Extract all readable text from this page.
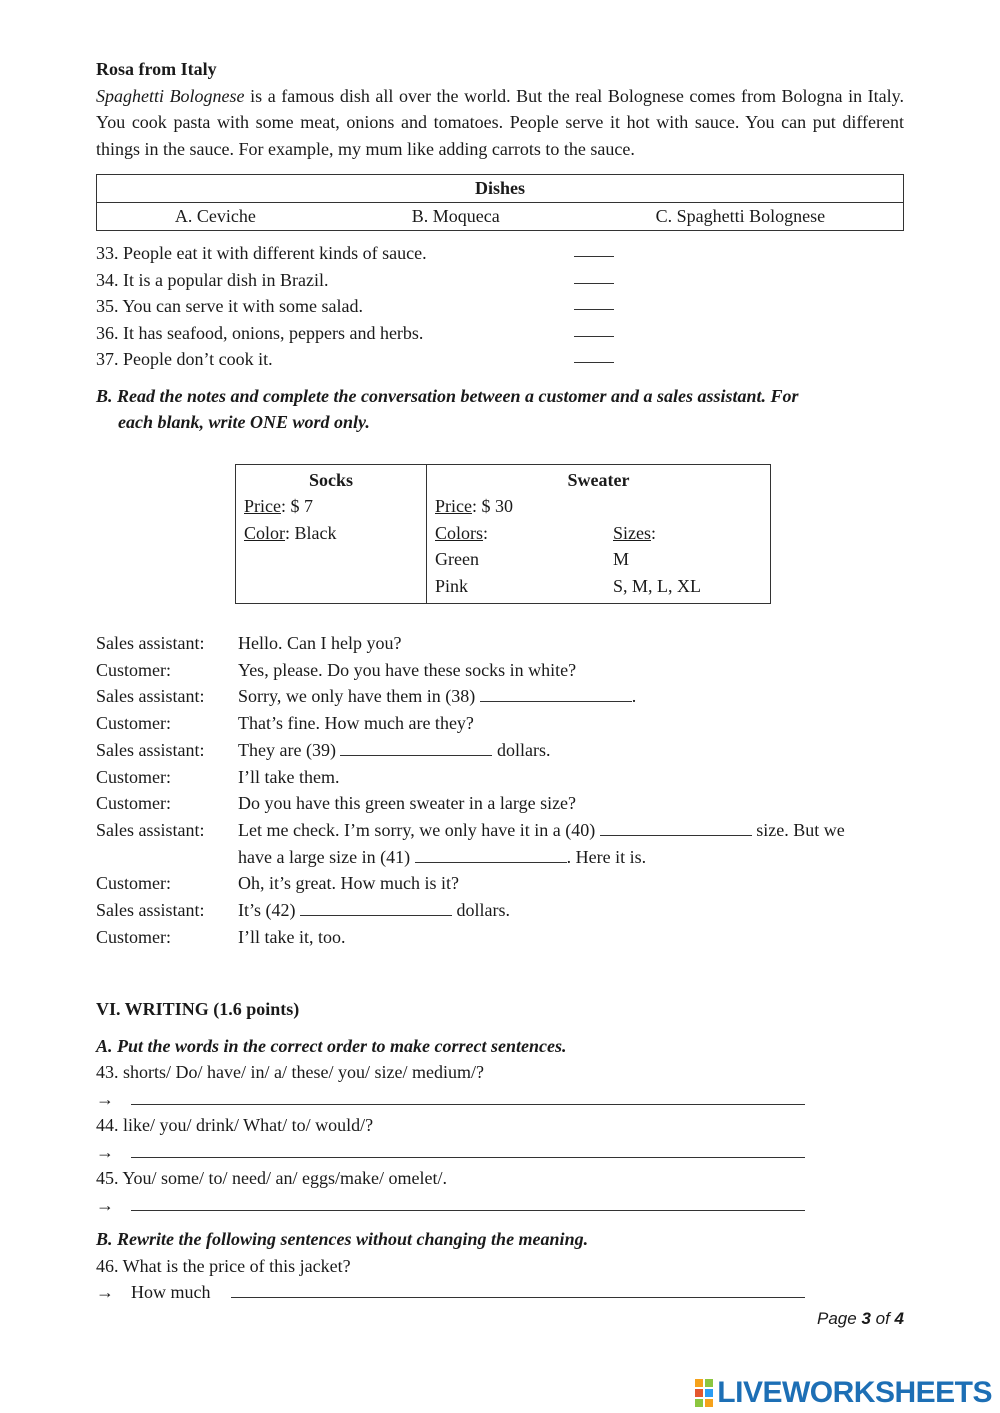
Rosa from Italy

Spaghetti Bolognese is a famous dish all over the world. But the real Bolognese comes from Bologna in Italy. You cook pasta with some meat, onions and tomatoes. People serve it hot with sauce. You can put different things in the sauce. For example, my mum like adding carrots to the sauce.

Dishes

A. Ceviche	B. Moqueca	C. Spaghetti Bolognese
33. People eat it with different kinds of sauce.
34. It is a popular dish in Brazil.
35. You can serve it with some salad.
36. It has seafood, onions, peppers and herbs.
37. People don’t cook it.

B. Read the notes and complete the conversation between a customer and a sales assistant. For
each blank, write ONE word only.

Socks
Price: $ 7
Color: Black

Sweater
Price: $ 30
Colors:	Sizes:
Green	M
Pink	S, M, L, XL
Sales assistant:	Hello. Can I help you?
Customer:	Yes, please. Do you have these socks in white?
Sales assistant:	Sorry, we only have them in (38)	.
Customer:	That’s fine. How much are they?
Sales assistant:	They are (39)	dollars.
Customer:	I’ll take them.
Customer:	Do you have this green sweater in a large size?
Sales assistant:	Let me check. I’m sorry, we only have it in a (40)	size. But we
have a large size in (41)	. Here it is.
Customer:	Oh, it’s great. How much is it?
Sales assistant:	It’s (42)	dollars.
Customer:	I’ll take it, too.

VI. WRITING (1.6 points)

A. Put the words in the correct order to make correct sentences.

43. shorts/ Do/ have/ in/ a/ these/ you/ size/ medium/?

→

44. like/ you/ drink/ What/ to/ would/?

→

45. You/ some/ to/ need/ an/ eggs/make/ omelet/.

→

B. Rewrite the following sentences without changing the meaning.

46. What is the price of this jacket?

→ How much
Page 3 of 4
LIVEWORKSHEETS
